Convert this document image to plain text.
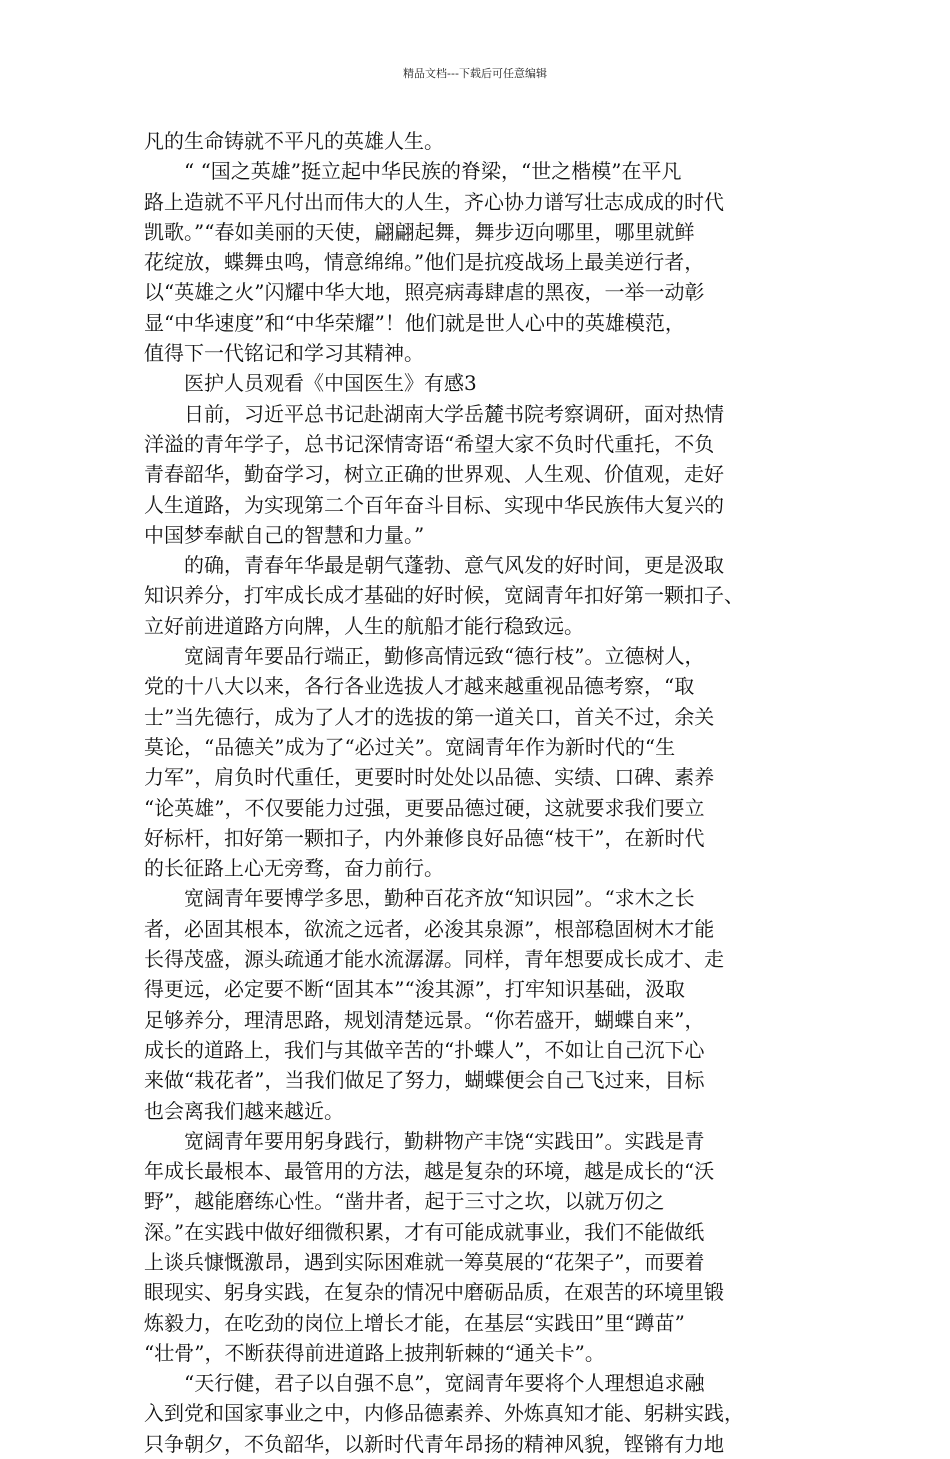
精品文档---下载后可任意编辑
凡的生命铸就不平凡的英雄人生。
　　“ “国之英雄”挺立起中华民族的脊梁，“世之楷模”在平凡
路上造就不平凡付出而伟大的人生，齐心协力谱写壮志成成的时代
凯歌。”“春如美丽的天使，翩翩起舞，舞步迈向哪里，哪里就鲜
花绽放，蝶舞虫鸣，情意绵绵。”他们是抗疫战场上最美逆行者，
以“英雄之火”闪耀中华大地，照亮病毒肆虐的黑夜，一举一动彰
显“中华速度”和“中华荣耀”！他们就是世人心中的英雄模范，
值得下一代铭记和学习其精神。
　　医护人员观看《中国医生》有感3
　　日前，习近平总书记赴湖南大学岳麓书院考察调研，面对热情
洋溢的青年学子，总书记深情寄语“希望大家不负时代重托，不负
青春韶华，勤奋学习，树立正确的世界观、人生观、价值观，走好
人生道路，为实现第二个百年奋斗目标、实现中华民族伟大复兴的
中国梦奉献自己的智慧和力量。”
　　的确，青春年华最是朝气蓬勃、意气风发的好时间，更是汲取
知识养分，打牢成长成才基础的好时候，宽阔青年扣好第一颗扣子、
立好前进道路方向牌，人生的航船才能行稳致远。
　　宽阔青年要品行端正，勤修高情远致“德行枝”。立德树人，
党的十八大以来，各行各业选拔人才越来越重视品德考察，“取
士”当先德行，成为了人才的选拔的第一道关口，首关不过，余关
莫论，“品德关”成为了“必过关”。宽阔青年作为新时代的“生
力军”，肩负时代重任，更要时时处处以品德、实绩、口碑、素养
“论英雄”，不仅要能力过强，更要品德过硬，这就要求我们要立
好标杆，扣好第一颗扣子，内外兼修良好品德“枝干”，在新时代
的长征路上心无旁骛，奋力前行。
　　宽阔青年要博学多思，勤种百花齐放“知识园”。“求木之长
者，必固其根本，欲流之远者，必浚其泉源”，根部稳固树木才能
长得茂盛，源头疏通才能水流潺潺。同样，青年想要成长成才、走
得更远，必定要不断“固其本”“浚其源”，打牢知识基础，汲取
足够养分，理清思路，规划清楚远景。“你若盛开，蝴蝶自来”，
成长的道路上，我们与其做辛苦的“扑蝶人”，不如让自己沉下心
来做“栽花者”，当我们做足了努力，蝴蝶便会自己飞过来，目标
也会离我们越来越近。
　　宽阔青年要用躬身践行，勤耕物产丰饶“实践田”。实践是青
年成长最根本、最管用的方法，越是复杂的环境，越是成长的“沃
野”，越能磨练心性。“凿井者，起于三寸之坎，以就万仞之
深。”在实践中做好细微积累，才有可能成就事业，我们不能做纸
上谈兵慷慨激昂，遇到实际困难就一筹莫展的“花架子”，而要着
眼现实、躬身实践，在复杂的情况中磨砺品质，在艰苦的环境里锻
炼毅力，在吃劲的岗位上增长才能，在基层“实践田”里“蹲苗”
“壮骨”，不断获得前进道路上披荆斩棘的“通关卡”。
　　“天行健，君子以自强不息”，宽阔青年要将个人理想追求融
入到党和国家事业之中，内修品德素养、外炼真知才能、躬耕实践，
只争朝夕，不负韶华，以新时代青年昂扬的精神风貌，铿锵有力地
